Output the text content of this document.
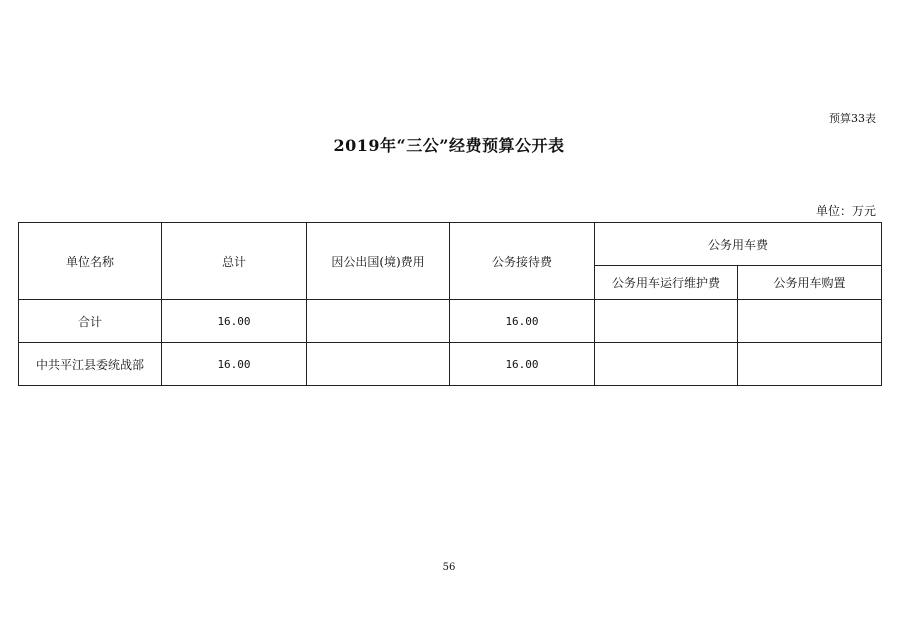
预算33表
2019年“三公”经费预算公开表
单位：万元
单位名称	总计	因公出国(境)费用	公务接待费	公务用车费	
				公务用车运行维护费	公务用车购置
合计	16.00		16.00		
中共平江县委统战部	16.00		16.00		
56
